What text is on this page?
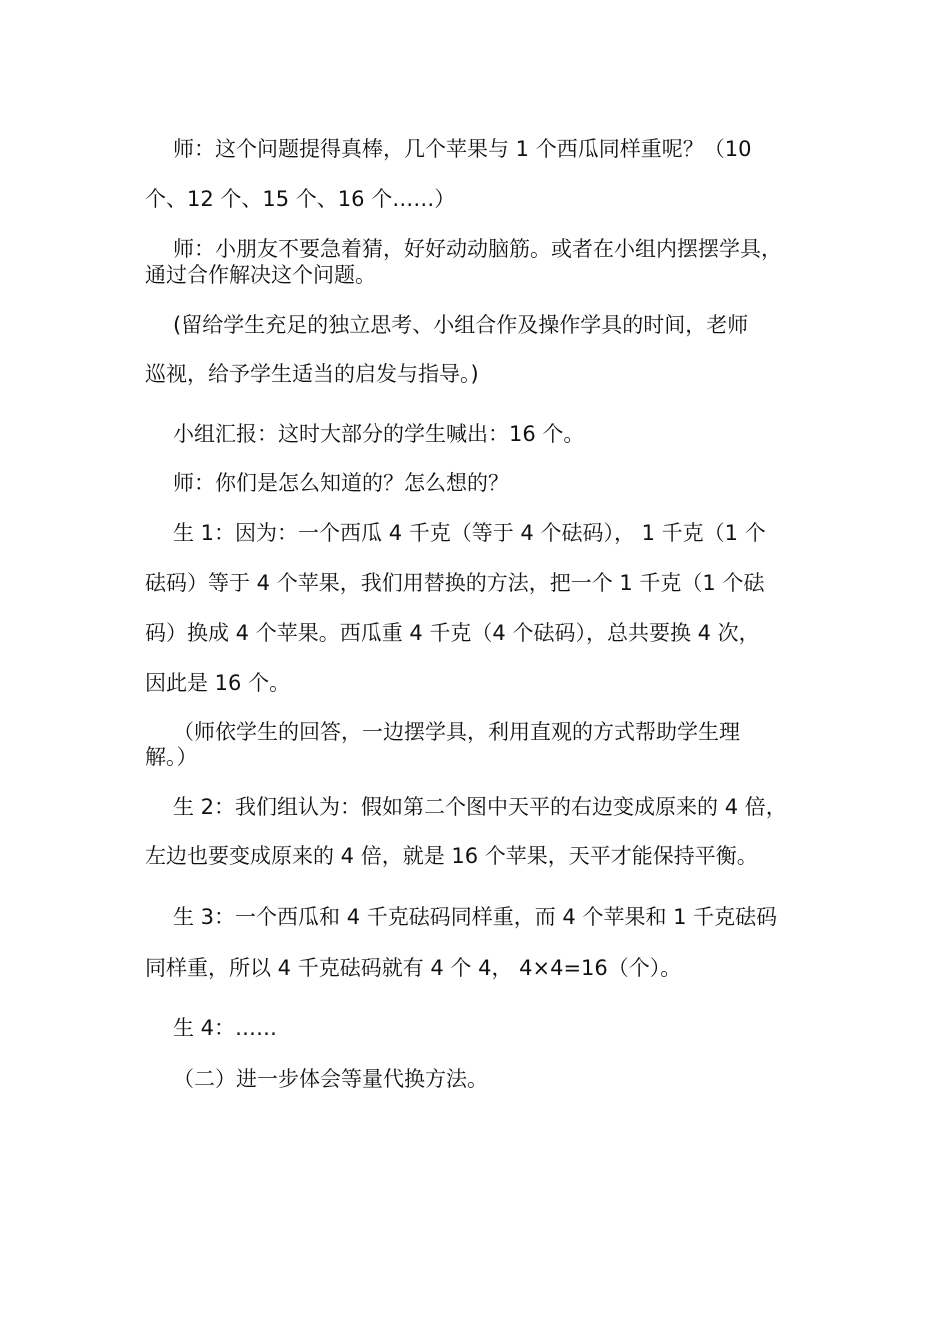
师：这个问题提得真棒，几个苹果与 1 个西瓜同样重呢？（10

个、12 个、15 个、16 个……）

师：小朋友不要急着猜，好好动动脑筋。或者在小组内摆摆学具，

通过合作解决这个问题。

(留给学生充足的独立思考、小组合作及操作学具的时间，老师

巡视，给予学生适当的启发与指导。)

小组汇报：这时大部分的学生喊出：16 个。

师：你们是怎么知道的？怎么想的？

生 1：因为：一个西瓜 4 千克（等于 4 个砝码）， 1 千克（1 个

砝码）等于 4 个苹果，我们用替换的方法，把一个 1 千克（1 个砝

码）换成 4 个苹果。西瓜重 4 千克（4 个砝码），总共要换 4 次，

因此是 16 个。

（师依学生的回答，一边摆学具，利用直观的方式帮助学生理

解。）

生 2：我们组认为：假如第二个图中天平的右边变成原来的 4 倍，

左边也要变成原来的 4 倍，就是 16 个苹果，天平才能保持平衡。

生 3：一个西瓜和 4 千克砝码同样重，而 4 个苹果和 1 千克砝码

同样重，所以 4 千克砝码就有 4 个 4， 4×4=16（个）。

生 4：……

（二）进一步体会等量代换方法。
